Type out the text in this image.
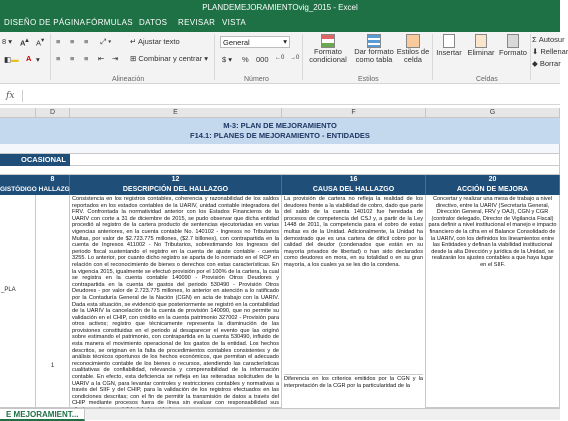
PLANDEMEJORAMIENTOvig_2015 - Excel
DISEÑO DE PÁGINA FÓRMULAS DATOS REVISAR VISTA
8 ▾ A▴ A▾
◧▬ A ▾
≡ ≡ ≡ ⤢ ▾	↵ Ajustar texto
≡ ≡ ≡ ⇤ ⇥ ⊞ Combinar y centrar ▾
Alineación
General	▾
$ ▾ % 000 ←0 →0
Número
Formato condicional
Dar formato como tabla
Estilos de celda
Estilos
Insertar Eliminar Formato
Celdas
Σ Autosur
⬇ Rellenar
◆ Borrar
fx
D	E	F	G
M-3: PLAN DE MEJORAMIENTO
F14.1: PLANES DE MEJORAMIENTO - ENTIDADES
OCASIONAL
8	12	16	20
GISTÓDIGO HALLAZG	DESCRIPCIÓN DEL HALLAZGO	CAUSA DEL HALLAZGO	ACCIÓN DE MEJORA
_PLA
1
Consistencia en los registros contables, coherencia y razonabilidad de los saldos reportados en los estados contables de la UARIV, unidad contable integradora del FRV. Confrontada la normatividad anterior con los Estados Financieros de la UARIV con corte a 31 de diciembre de 2015, se pudo observar que dicha entidad procedió al registro de la cartera producto de sentencias ejecutoriadas en varias vigencias anteriores, en la cuenta contable No. 140102 - Ingresos no Tributarios Multas, por valor de $2.723.775 millones, ($2.7 billones), con contrapartida en la cuenta de Ingresos 411002 - No Tributarios, sobrestimando los Ingresos del periodo fiscal sustentando el registro en la cuenta de ajuste contable - cuenta 3255. Lo anterior, por cuanto dicho registro se aparta de lo normado en el RCP en relación con el reconocimiento de bienes o derechos con estas características. En la vigencia 2015, igualmente se efectuó provisión por el 100% de la cartera, la cual se registra en la cuenta contable 140090 - Provisión Otros Deudores y contrapartida en la cuenta de gastos del periodo 530490 - Provisión Otros Deudores - por valor de 2.723.775 millones, lo anterior en atención a lo ratificado por la Contaduría General de la Nación (CGN) en acta de trabajo con la UARIV. Dada esta situación, se evidenció que posteriormente se registró en la contabilidad de la UARIV la cancelación de la cuenta de provisión 140090, que no permite su validación en el CHIP, con crédito en la cuenta patrimonio 327002 - Provisión para otros activos; registro que técnicamente representa la disminución de las provisiones constituidas en el periodo al desaparecer el evento que las originó sobre estimando el patrimonio, con contrapartida en la cuenta 530490, influido de esta manera el movimiento operacional de los gastos de la entidad. Los hechos descritos, se originan en la falta de procedimientos contables consistentes y de análisis técnicos oportunos de los hechos económicos, que permitan el adecuado reconocimiento contable de los bienes o recursos, atendiendo las características cualitativas de confiabilidad, relevancia y comprensibilidad de la información contable. En efecto, esta deficiencia se refleja en las reiteradas solicitudes de la UARIV a la CGN, para levantar controles y restricciones contables y normativas a través del SIIF y del CHIP, para la validación de los registros efectuados en las condiciones descritas; con el fin de permitir la transmisión de datos a través del CHIP mediante procesos fuera de línea sin evaluar con responsabilidad sus
La provisión de cartera no refleja la realidad de los deudores frente a la viabilidad de cobro, dado que parte del saldo de la cuenta 140102 fue heredada de procesos de competencia del CSJ y, a partir de la Ley 1448 de 2011, la competencia para el cobro de estas multas es de la Unidad. Adicionalmente, la Unidad ha demostrado que es una cartera de difícil cobro por la calidad del deudor (condenados que están en su mayoría privados de libertad) o han sido declarados como deudores en mora, en su totalidad o en su gran mayoría, a los cuales ya se les dio la condena.
Diferencia en los criterios emitidos por la CGN y la interpretación de la CGR por la particularidad de la
Concertar y realizar una mesa de trabajo a nivel directivo, entre la UARIV (Secretaría General, Dirección General, FRV y OAJ), CGN y CGR (contralor delegado, Director de Vigilancia Fiscal) para definir a nivel institucional el manejo e impacto financiero de la cifra en el Balance Consolidado de la UARIV, con los definidos los lineamientos entre las Entidades y definan la viabilidad institucional desde la alta Dirección y jurídica de la Unidad, se realizarán los ajustes contables a que haya lugar en el SIIF.
E MEJORAMIENT...
